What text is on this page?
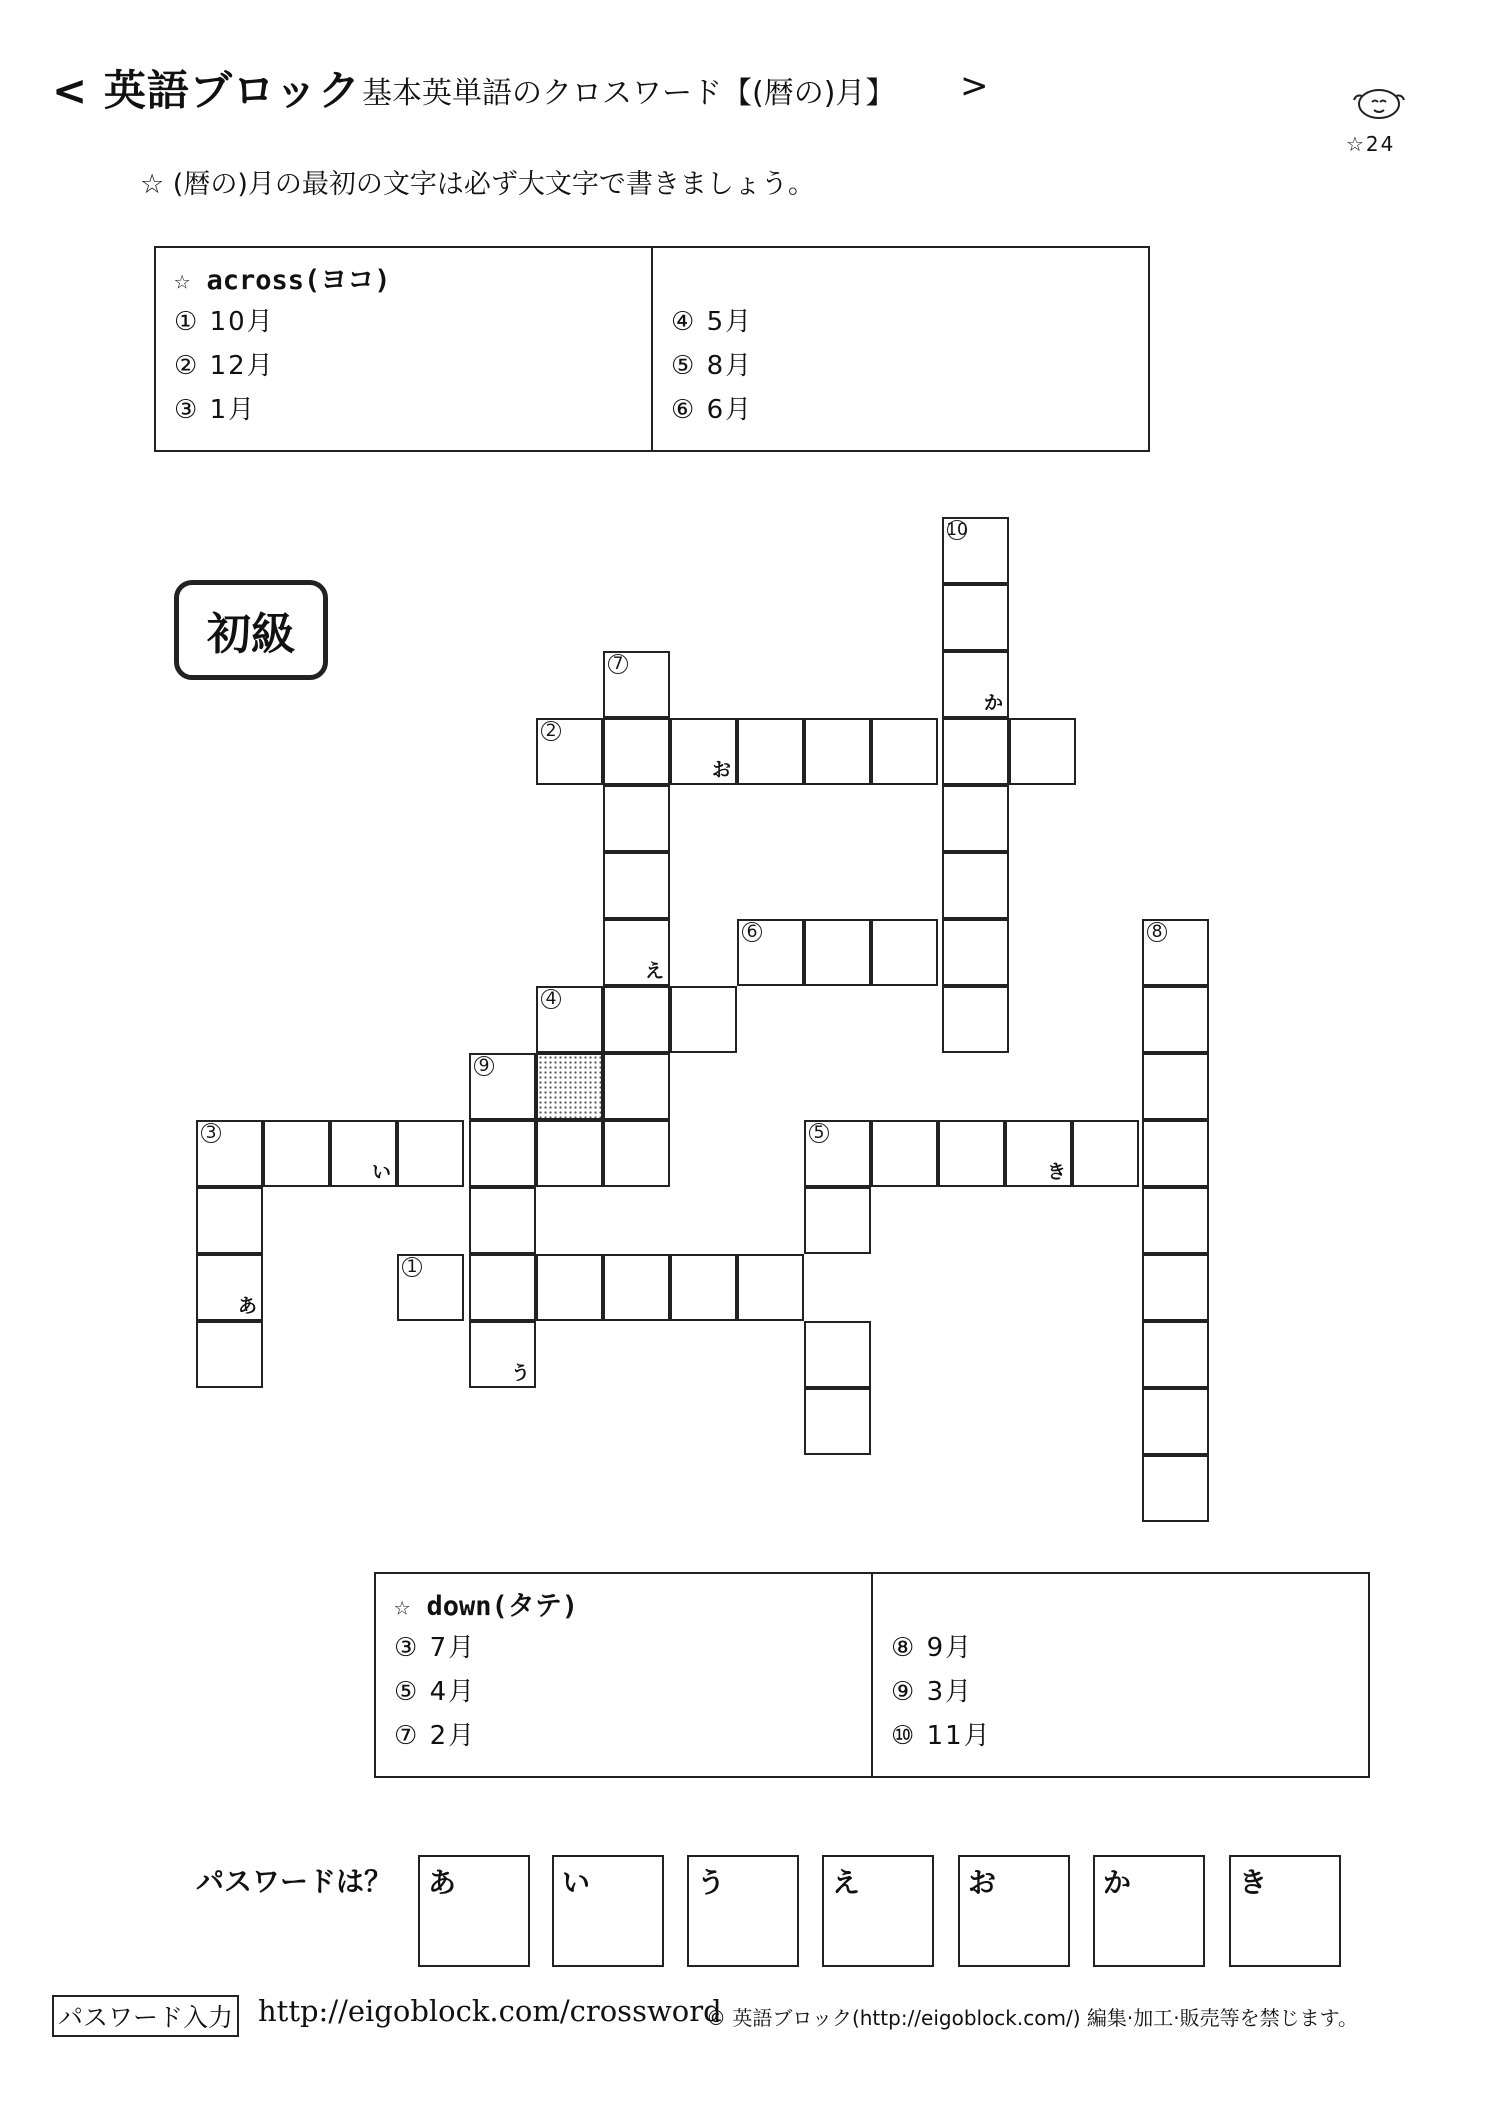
< 英語ブロック 基本英単語のクロスワード【(暦の)月】 >
☆24
☆ (暦の)月の最初の文字は必ず大文字で書きましょう。
☆ across(ヨコ)
① 10月
② 12月
③ 1月
④ 5月
⑤ 8月
⑥ 6月
初級
10
か
7
え
2
お
6
4
9
う
3
い
あ
1
5
き
8
☆ down(タテ)
③ 7月
⑤ 4月
⑦ 2月
⑧ 9月
⑨ 3月
⑩ 11月
パスワードは？ あ	い	う	え	お	か	き
パスワード入力 http://eigoblock.com/crossword
© 英語ブロック(http://eigoblock.com/) 編集·加工·販売等を禁じます。
